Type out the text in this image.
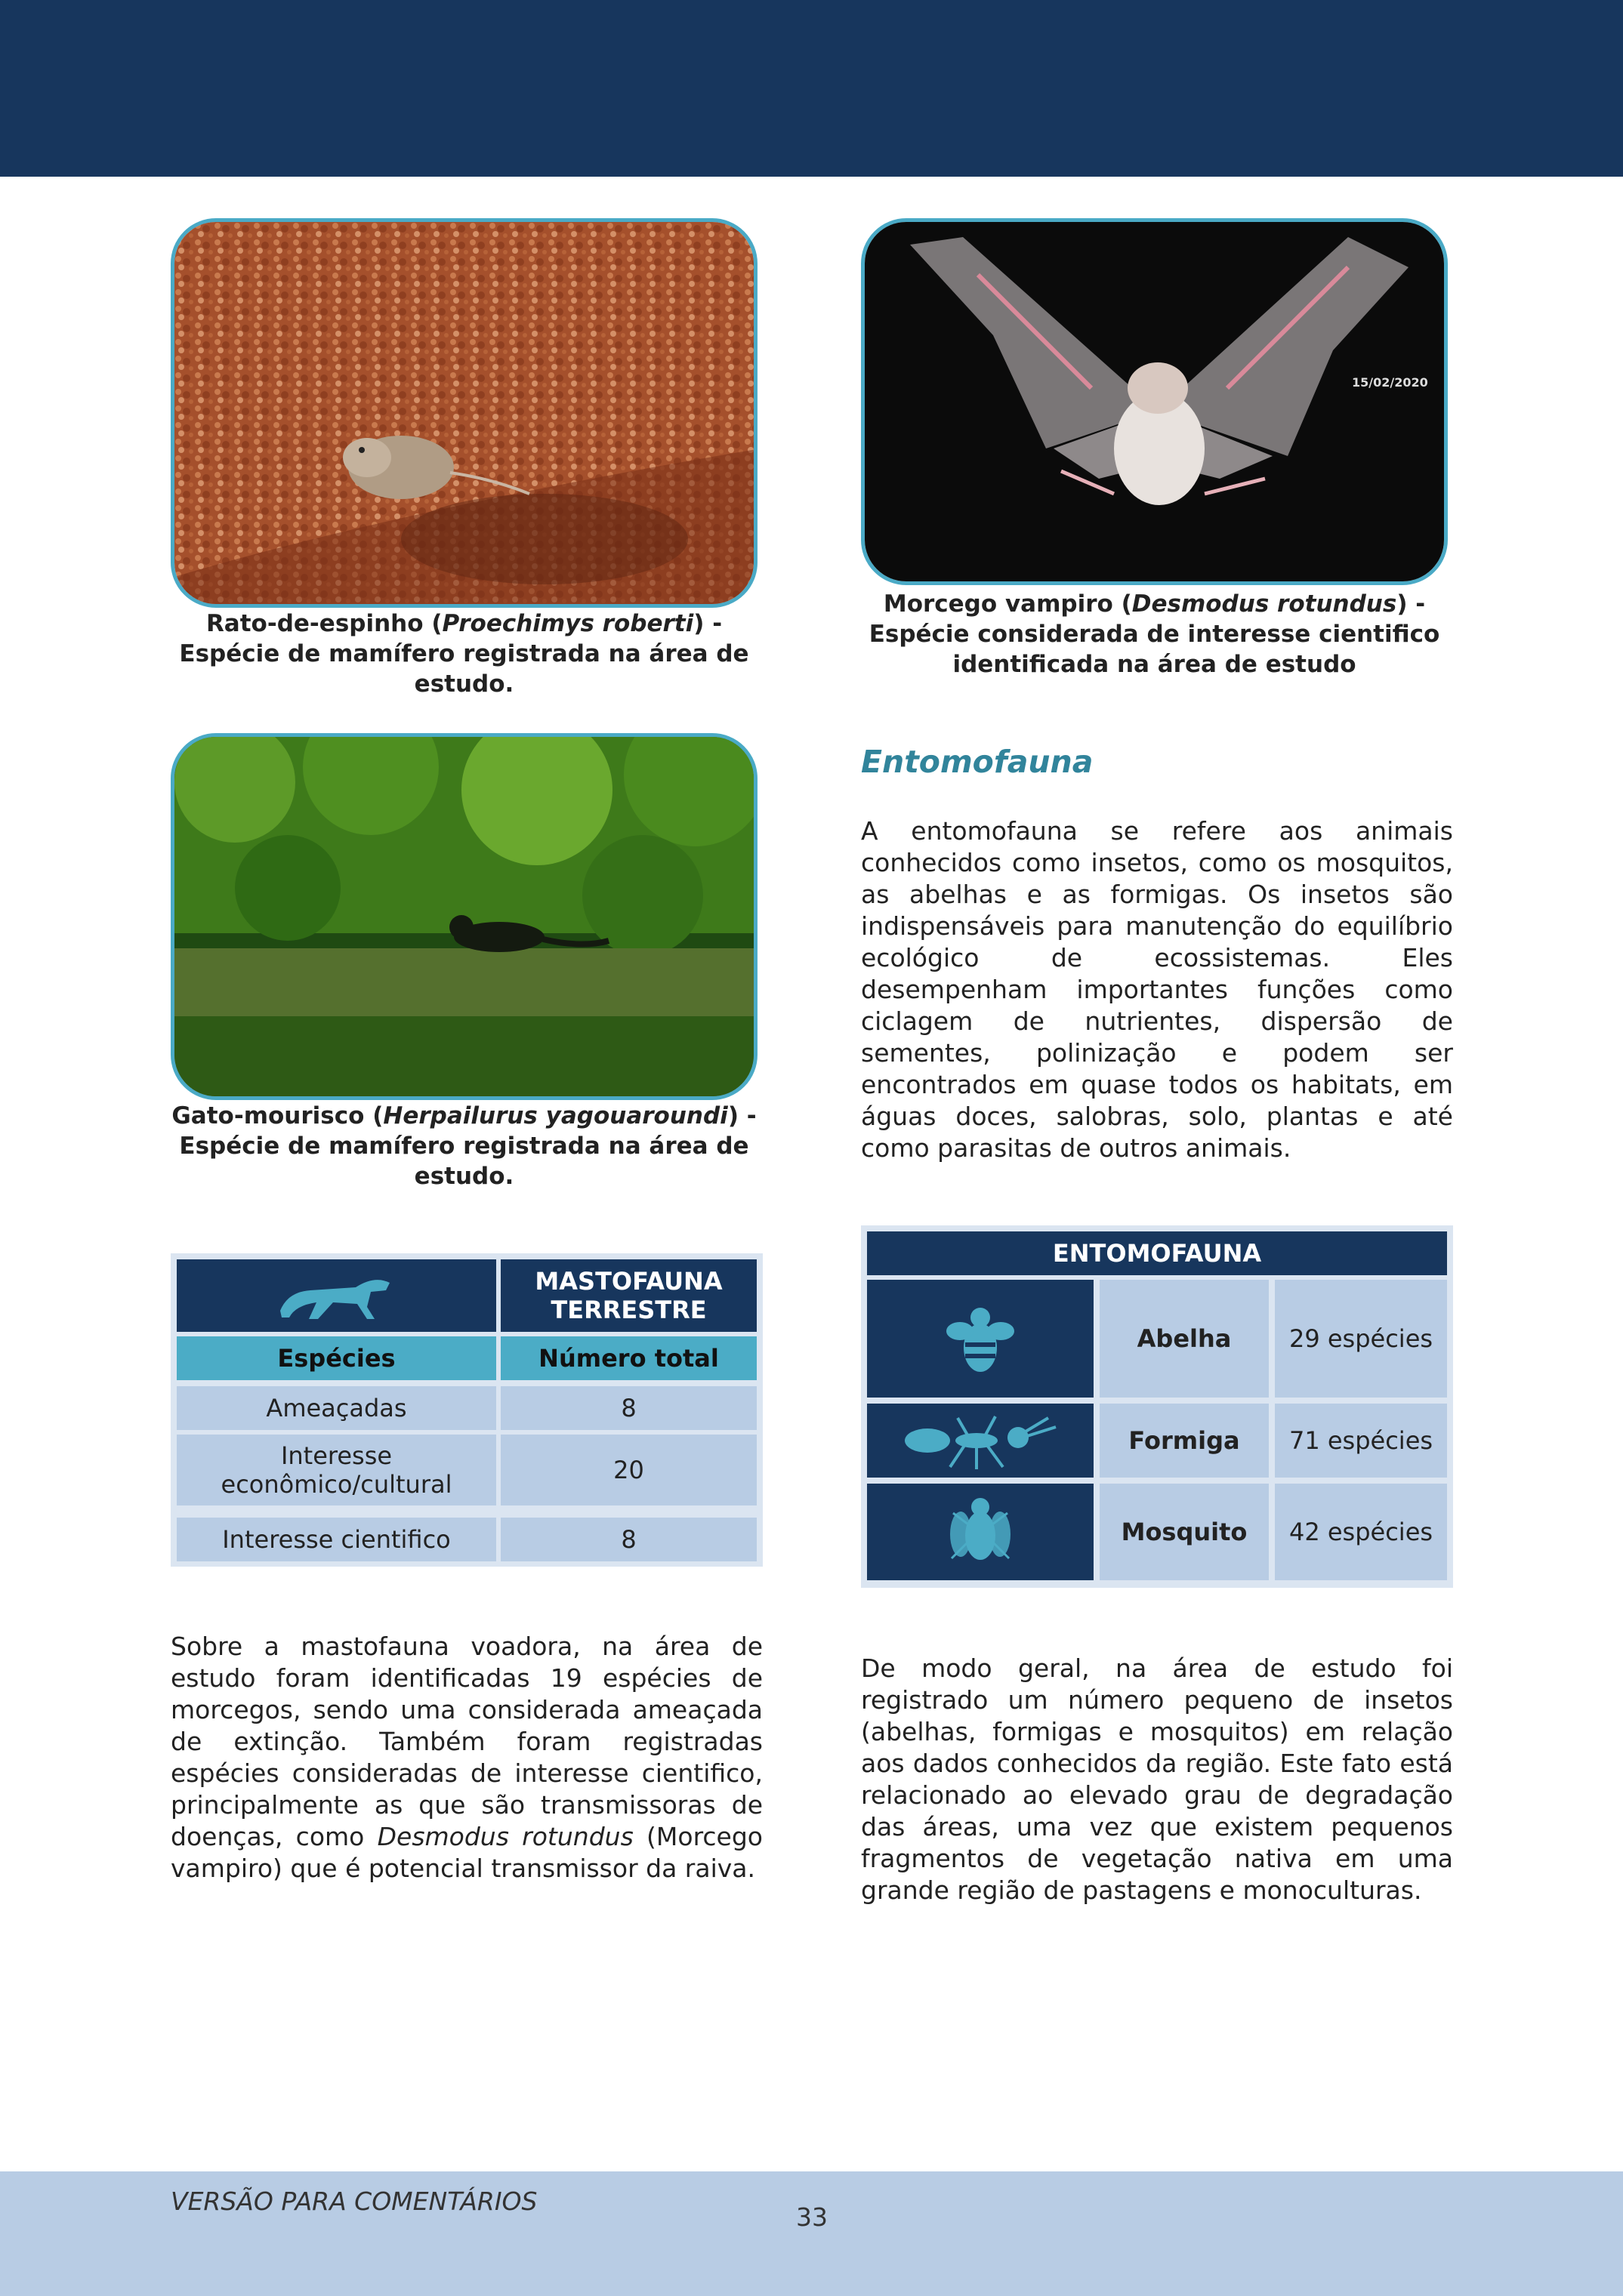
Rato-de-espinho (Proechimys roberti) - Espécie de mamífero registrada na área de estudo.
15/02/2020
Morcego vampiro (Desmodus rotundus) - Espécie considerada de interesse cientifico identificada na área de estudo
Gato-mourisco (Herpailurus yagouaroundi) - Espécie de mamífero registrada na área de estudo.
Entomofauna
A entomofauna se refere aos animais conhecidos como insetos, como os mosquitos, as abelhas e as formigas. Os insetos são indispensáveis para manutenção do equilíbrio ecológico de ecossistemas. Eles desempenham importantes funções como ciclagem de nutrientes, dispersão de sementes, polinização e podem ser encontrados em quase todos os habitats, em águas doces, salobras, solo, plantas e até como parasitas de outros animais.
MASTOFAUNA
TERRESTRE
Espécies	Número total
Ameaçadas	8
Interesse
econômico/cultural	20
Interesse cientifico	8
ENTOMOFAUNA
Abelha 29 espécies
Formiga 71 espécies
Mosquito 42 espécies
Sobre a mastofauna voadora, na área de estudo foram identificadas 19 espécies de morcegos, sendo uma considerada ameaçada de extinção. Também foram registradas espécies consideradas de interesse cientifico, principalmente as que são transmissoras de doenças, como Desmodus rotundus (Morcego vampiro) que é potencial transmissor da raiva.
De modo geral, na área de estudo foi registrado um número pequeno de insetos (abelhas, formigas e mosquitos) em relação aos dados conhecidos da região. Este fato está relacionado ao elevado grau de degradação das áreas, uma vez que existem pequenos fragmentos de vegetação nativa em uma grande região de pastagens e monoculturas.
VERSÃO PARA COMENTÁRIOS
33
